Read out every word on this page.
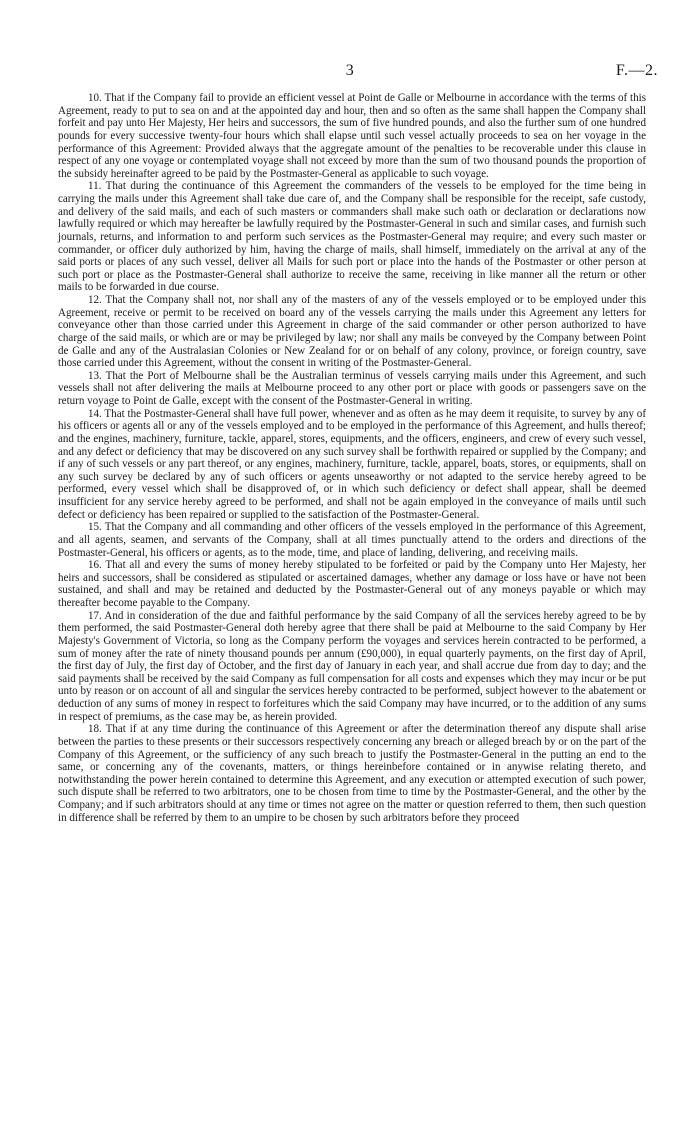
3	F.—2.

10. That if the Company fail to provide an efficient vessel at Point de Galle or Melbourne in accordance with the terms of this Agreement, ready to put to sea on and at the appointed day and hour, then and so often as the same shall happen the Company shall forfeit and pay unto Her Majesty, Her heirs and successors, the sum of five hundred pounds, and also the further sum of one hundred pounds for every successive twenty-four hours which shall elapse until such vessel actually proceeds to sea on her voyage in the performance of this Agreement: Provided always that the aggregate amount of the penalties to be recoverable under this clause in respect of any one voyage or contemplated voyage shall not exceed by more than the sum of two thousand pounds the proportion of the subsidy hereinafter agreed to be paid by the Postmaster-General as applicable to such voyage.

11. That during the continuance of this Agreement the commanders of the vessels to be employed for the time being in carrying the mails under this Agreement shall take due care of, and the Company shall be responsible for the receipt, safe custody, and delivery of the said mails, and each of such masters or commanders shall make such oath or declaration or declarations now lawfully required or which may hereafter be lawfully required by the Postmaster-General in such and similar cases, and furnish such journals, returns, and information to and perform such services as the Postmaster-General may require; and every such master or commander, or officer duly authorized by him, having the charge of mails, shall himself, immediately on the arrival at any of the said ports or places of any such vessel, deliver all Mails for such port or place into the hands of the Postmaster or other person at such port or place as the Postmaster-General shall authorize to receive the same, receiving in like manner all the return or other mails to be forwarded in due course.

12. That the Company shall not, nor shall any of the masters of any of the vessels employed or to be employed under this Agreement, receive or permit to be received on board any of the vessels carrying the mails under this Agreement any letters for conveyance other than those carried under this Agreement in charge of the said commander or other person authorized to have charge of the said mails, or which are or may be privileged by law; nor shall any mails be conveyed by the Company between Point de Galle and any of the Australasian Colonies or New Zealand for or on behalf of any colony, province, or foreign country, save those carried under this Agreement, without the consent in writing of the Postmaster-General.

13. That the Port of Melbourne shall be the Australian terminus of vessels carrying mails under this Agreement, and such vessels shall not after delivering the mails at Melbourne proceed to any other port or place with goods or passengers save on the return voyage to Point de Galle, except with the consent of the Postmaster-General in writing.

14. That the Postmaster-General shall have full power, whenever and as often as he may deem it requisite, to survey by any of his officers or agents all or any of the vessels employed and to be employed in the performance of this Agreement, and hulls thereof; and the engines, machinery, furniture, tackle, apparel, stores, equipments, and the officers, engineers, and crew of every such vessel, and any defect or deficiency that may be discovered on any such survey shall be forthwith repaired or supplied by the Company; and if any of such vessels or any part thereof, or any engines, machinery, furniture, tackle, apparel, boats, stores, or equipments, shall on any such survey be declared by any of such officers or agents unseaworthy or not adapted to the service hereby agreed to be performed, every vessel which shall be disapproved of, or in which such deficiency or defect shall appear, shall be deemed insufficient for any service hereby agreed to be performed, and shall not be again employed in the conveyance of mails until such defect or deficiency has been repaired or supplied to the satisfaction of the Postmaster-General.

15. That the Company and all commanding and other officers of the vessels employed in the performance of this Agreement, and all agents, seamen, and servants of the Company, shall at all times punctually attend to the orders and directions of the Postmaster-General, his officers or agents, as to the mode, time, and place of landing, delivering, and receiving mails.

16. That all and every the sums of money hereby stipulated to be forfeited or paid by the Company unto Her Majesty, her heirs and successors, shall be considered as stipulated or ascertained damages, whether any damage or loss have or have not been sustained, and shall and may be retained and deducted by the Postmaster-General out of any moneys payable or which may thereafter become payable to the Company.

17. And in consideration of the due and faithful performance by the said Company of all the services hereby agreed to be by them performed, the said Postmaster-General doth hereby agree that there shall be paid at Melbourne to the said Company by Her Majesty's Government of Victoria, so long as the Company perform the voyages and services herein contracted to be performed, a sum of money after the rate of ninety thousand pounds per annum (£90,000), in equal quarterly payments, on the first day of April, the first day of July, the first day of October, and the first day of January in each year, and shall accrue due from day to day; and the said payments shall be received by the said Company as full compensation for all costs and expenses which they may incur or be put unto by reason or on account of all and singular the services hereby contracted to be performed, subject however to the abatement or deduction of any sums of money in respect to forfeitures which the said Company may have incurred, or to the addition of any sums in respect of premiums, as the case may be, as herein provided.

18. That if at any time during the continuance of this Agreement or after the determination thereof any dispute shall arise between the parties to these presents or their successors respectively concerning any breach or alleged breach by or on the part of the Company of this Agreement, or the sufficiency of any such breach to justify the Postmaster-General in the putting an end to the same, or concerning any of the covenants, matters, or things hereinbefore contained or in anywise relating thereto, and notwithstanding the power herein contained to determine this Agreement, and any execution or attempted execution of such power, such dispute shall be referred to two arbitrators, one to be chosen from time to time by the Postmaster-General, and the other by the Company; and if such arbitrators should at any time or times not agree on the matter or question referred to them, then such question in difference shall be referred by them to an umpire to be chosen by such arbitrators before they proceed
